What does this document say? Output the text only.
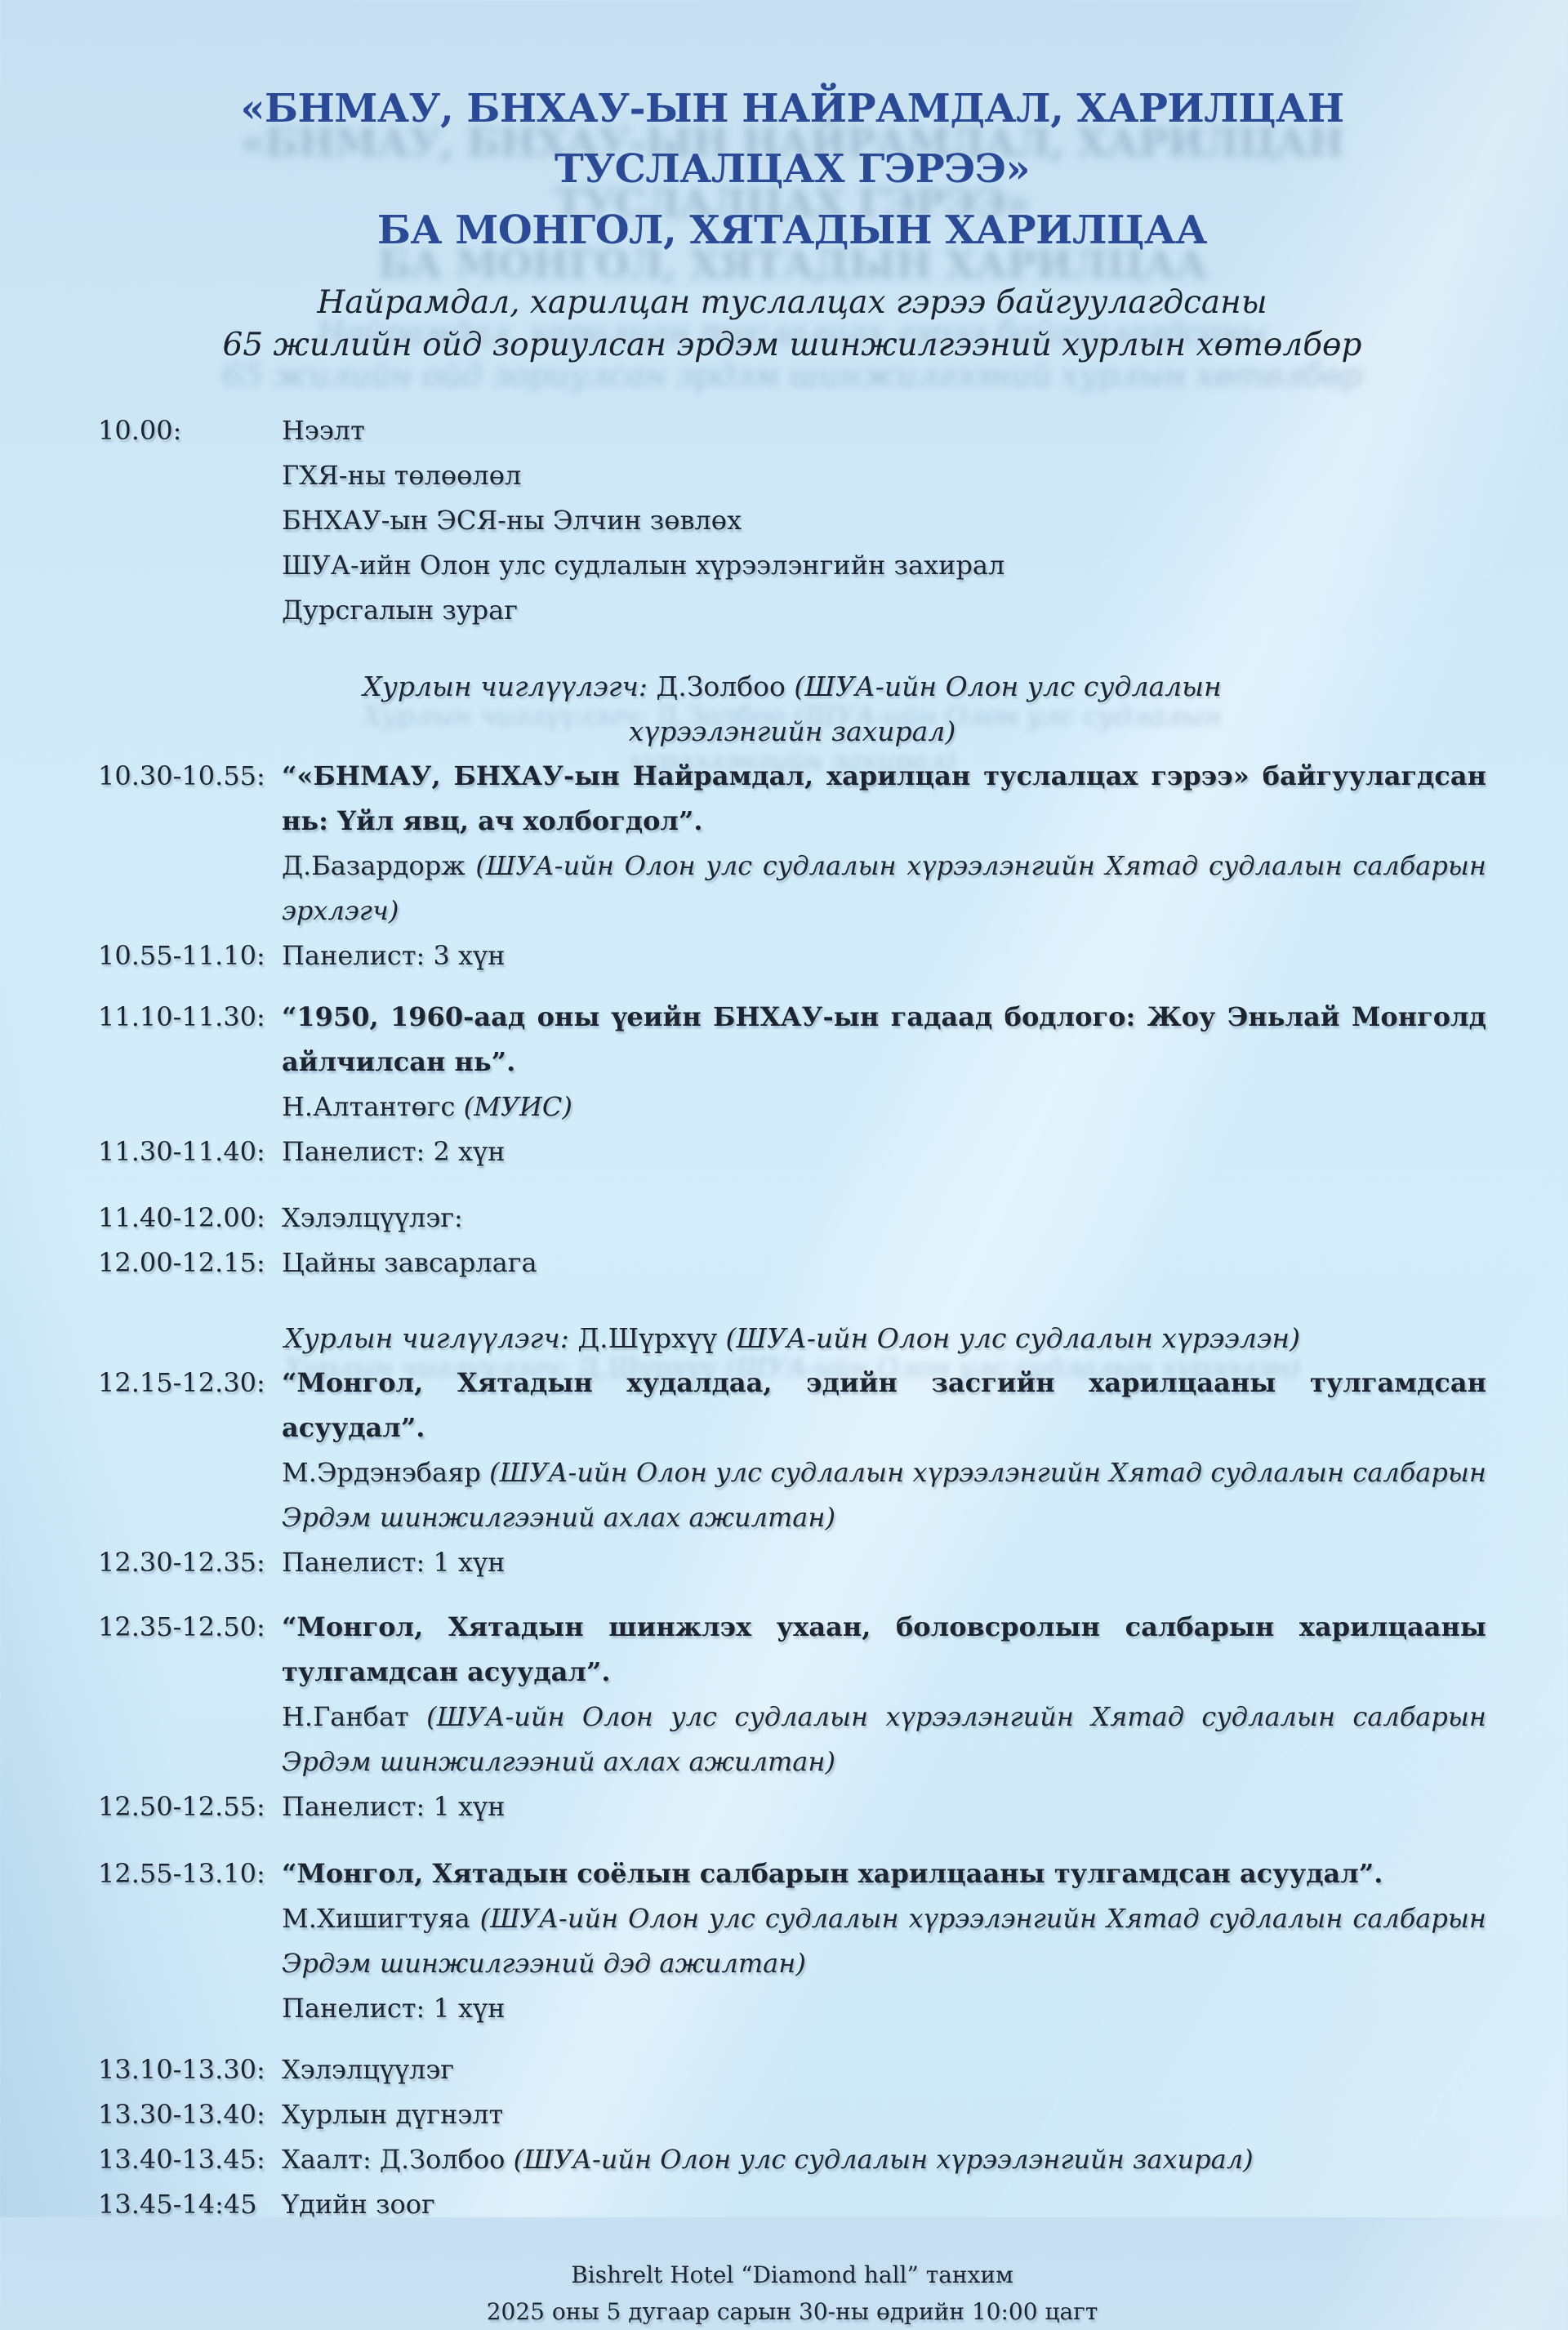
«БНМАУ, БНХАУ-ЫН НАЙРАМДАЛ, ХАРИЛЦАН ТУСЛАЛЦАХ ГЭРЭЭ»
БА МОНГОЛ, ХЯТАДЫН ХАРИЛЦАА
Найрамдал, харилцан туслалцах гэрээ байгуулагдсаны
65 жилийн ойд зориулсан эрдэм шинжилгээний хурлын хөтөлбөр
10.00:	Нээлт

ГХЯ-ны төлөөлөл

БНХАУ-ын ЭСЯ-ны Элчин зөвлөх

ШУА-ийн Олон улс судлалын хүрээлэнгийн захирал

Дурсгалын зураг

Хурлын чиглүүлэгч: Д.Золбоо (ШУА-ийн Олон улс судлалын

хүрээлэнгийн захирал)

10.30-10.55: “«БНМАУ, БНХАУ-ын Найрамдал, харилцан туслалцах гэрээ» байгуулагдсан нь: Үйл явц, ач холбогдол”.

Д.Базардорж (ШУА-ийн Олон улс судлалын хүрээлэнгийн Хятад судлалын салбарын эрхлэгч)

10.55-11.10: Панелист: 3 хүн

11.10-11.30: “1950, 1960-аад оны үеийн БНХАУ-ын гадаад бодлого: Жоу Эньлай Монголд айлчилсан нь”.

Н.Алтантөгс (МУИС)

11.30-11.40: Панелист: 2 хүн

11.40-12.00: Хэлэлцүүлэг:

12.00-12.15: Цайны завсарлага

Хурлын чиглүүлэгч: Д.Шүрхүү (ШУА-ийн Олон улс судлалын хүрээлэн)

12.15-12.30: “Монгол, Хятадын худалдаа, эдийн засгийн харилцааны тулгамдсан асуудал”.

М.Эрдэнэбаяр (ШУА-ийн Олон улс судлалын хүрээлэнгийн Хятад судлалын салбарын Эрдэм шинжилгээний ахлах ажилтан)

12.30-12.35: Панелист: 1 хүн

12.35-12.50: “Монгол, Хятадын шинжлэх ухаан, боловсролын салбарын харилцааны тулгамдсан асуудал”.

Н.Ганбат (ШУА-ийн Олон улс судлалын хүрээлэнгийн Хятад судлалын салбарын Эрдэм шинжилгээний ахлах ажилтан)

12.50-12.55: Панелист: 1 хүн

12.55-13.10: “Монгол, Хятадын соёлын салбарын харилцааны тулгамдсан асуудал”.

М.Хишигтуяа (ШУА-ийн Олон улс судлалын хүрээлэнгийн Хятад судлалын салбарын Эрдэм шинжилгээний дэд ажилтан)

Панелист: 1 хүн

13.10-13.30: Хэлэлцүүлэг

13.30-13.40: Хурлын дүгнэлт

13.40-13.45: Хаалт: Д.Золбоо (ШУА-ийн Олон улс судлалын хүрээлэнгийн захирал)

13.45-14:45 Үдийн зоог

Bishrelt Hotel “Diamond hall” танхим
2025 оны 5 дугаар сарын 30-ны өдрийн 10:00 цагт
